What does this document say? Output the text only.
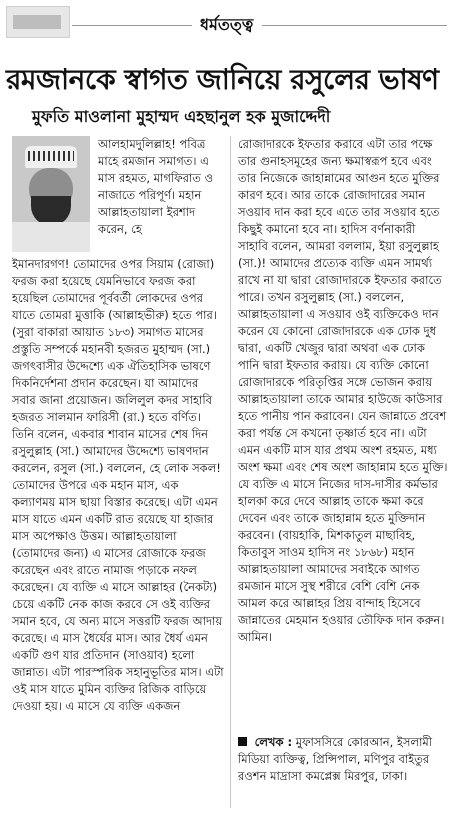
ধর্মতত্ত্ব
রমজানকে স্বাগত জানিয়ে রসুলের ভাষণ
মুফতি মাওলানা মুহাম্মদ এহছানুল হক মুজাদ্দেদী

আলহামদুলিল্লাহ! পবিত্র মাহে রমজান সমাগত। এ মাস রহমত, মাগফিরাত ও নাজাতে পরিপূর্ণ। মহান আল্লাহতায়ালা ইরশাদ করেন, হে

ইমানদারগণ! তোমাদের ওপর সিয়াম (রোজা) ফরজ করা হয়েছে যেমনিভাবে ফরজ করা হয়েছিল তোমাদের পূর্ববর্তী লোকদের ওপর যাতে তোমরা মুত্তাকি (আল্লাহভীরু) হতে পার। (সুরা বাকারা আয়াত ১৮৩) সমাগত মাসের প্রস্তুতি সম্পর্কে মহানবী হজরত মুহাম্মদ (সা.) জগৎবাসীর উদ্দেশ্যে এক ঐতিহাসিক ভাষণে দিকনির্দেশনা প্রদান করেছেন। যা আমাদের সবার জানা প্রয়োজন। জলিলুল কদর সাহাবি হজরত সালমান ফারিসী (রা.) হতে বর্ণিত। তিনি বলেন, একবার শাবান মাসের শেষ দিন রসুলুল্লাহ (সা.) আমাদের উদ্দেশ্যে ভাষণদান করলেন, রসুল (সা.) বললেন, হে লোক সকল! তোমাদের উপরে এক মহান মাস, এক কল্যাণময় মাস ছায়া বিস্তার করেছে। এটা এমন মাস যাতে এমন একটি রাত রয়েছে যা হাজার মাস অপেক্ষাও উত্তম। আল্লাহতায়ালা (তোমাদের জন্য) এ মাসের রোজাকে ফরজ করেছেন এবং রাতে নামাজ পড়াকে নফল করেছেন। যে ব্যক্তি এ মাসে আল্লাহর (নৈকট্য) চেয়ে একটি নেক কাজ করবে সে ওই ব্যক্তির সমান হবে, যে অন্য মাসে সত্তরটি ফরজ আদায় করেছে। এ মাস ধৈর্যের মাস। আর ধৈর্য এমন একটি গুণ যার প্রতিদান (সাওয়াব) হলো জান্নাত। এটা পারস্পরিক সহানুভূতির মাস। এটা ওই মাস যাতে মুমিন ব্যক্তির রিজিক বাড়িয়ে দেওয়া হয়। এ মাসে যে ব্যক্তি একজন

রোজাদারকে ইফতার করাবে এটা তার পক্ষে তার গুনাহসমূহের জন্য ক্ষমাস্বরূপ হবে এবং তার নিজেকে জাহান্নামের আগুন হতে মুক্তির কারণ হবে। আর তাকে রোজাদারের সমান সওয়াব দান করা হবে এতে তার সওয়াব হতে কিছুই কমানো হবে না। হাদিস বর্ণনাকারী সাহাবি বলেন, আমরা বললাম, ইয়া রসুলুল্লাহ (সা.)! আমাদের প্রত্যেক ব্যক্তি এমন সামর্থ্য রাখে না যা দ্বারা রোজাদারকে ইফতার করাতে পারে। তখন রসুলুল্লাহ (সা.) বললেন, আল্লাহতায়ালা এ সওয়াব ওই ব্যক্তিকেও দান করেন যে কোনো রোজাদারকে এক ঢোক দুধ দ্বারা, একটি খেজুর দ্বারা অথবা এক ঢোক পানি দ্বারা ইফতার করায়। যে ব্যক্তি কোনো রোজাদারকে পরিতৃপ্তির সঙ্গে ভোজন করায় আল্লাহতায়ালা তাকে আমার হাউজে কাউসার হতে পানীয় পান করাবেন। যেন জান্নাতে প্রবেশ করা পর্যন্ত সে কখনো তৃষ্ণার্ত হবে না। এটা এমন একটি মাস যার প্রথম অংশ রহমত, মধ্য অংশ ক্ষমা এবং শেষ অংশ জাহান্নাম হতে মুক্তি। যে ব্যক্তি এ মাসে নিজের দাস-দাসীর কর্মভার হালকা করে দেবে আল্লাহ তাকে ক্ষমা করে দেবেন এবং তাকে জাহান্নাম হতে মুক্তিদান করবেন। (বায়হাকি, মিশকাতুল মাছাবিহ, কিতাবুস সাওম হাদিস নং ১৮৬৮) মহান আল্লাহতায়ালা আমাদের সবাইকে আগত রমজান মাসে সুস্থ শরীরে বেশি বেশি নেক আমল করে আল্লাহর প্রিয় বান্দাহ হিসেবে জান্নাতের মেহমান হওয়ার তৌফিক দান করুন। আমিন।

লেখক : মুফাসসিরে কোরআন, ইসলামী মিডিয়া ব্যক্তিত্ব, প্রিন্সিপাল, মণিপুর বাইতুর রওশন মাদ্রাসা কমপ্লেক্স মিরপুর, ঢাকা।
